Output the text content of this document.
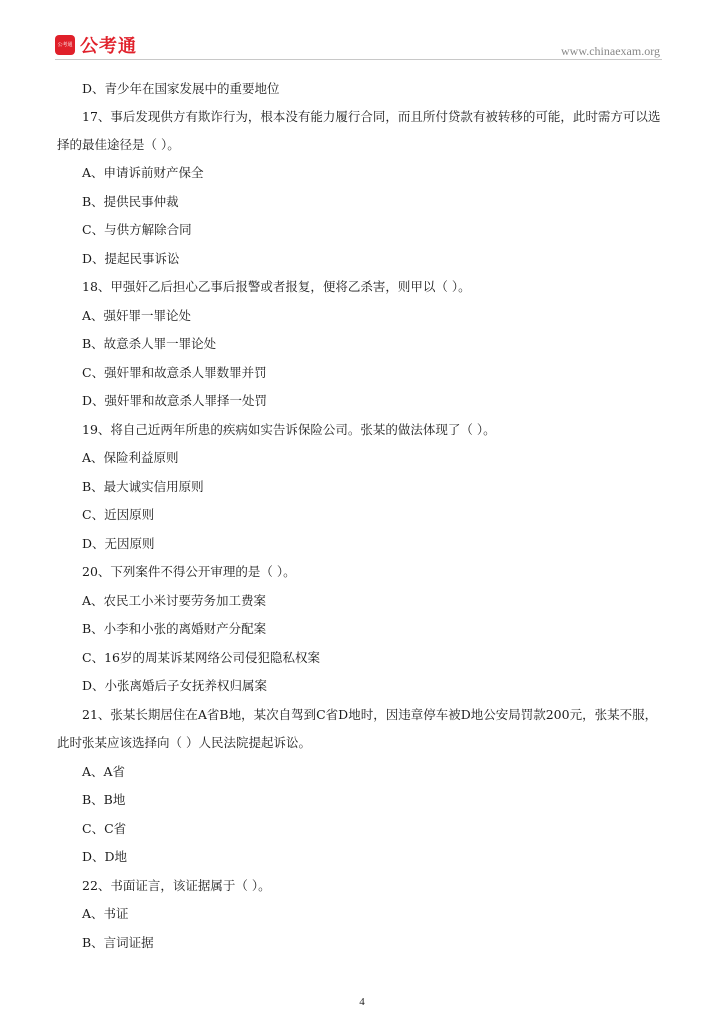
公考通 公考通	www.chinaexam.org
D、青少年在国家发展中的重要地位
17、事后发现供方有欺诈行为，根本没有能力履行合同，而且所付贷款有被转移的可能，此时需方可以选
择的最佳途径是（ ）。
A、申请诉前财产保全
B、提供民事仲裁
C、与供方解除合同
D、提起民事诉讼
18、甲强奸乙后担心乙事后报警或者报复，便将乙杀害，则甲以（ ）。
A、强奸罪一罪论处
B、故意杀人罪一罪论处
C、强奸罪和故意杀人罪数罪并罚
D、强奸罪和故意杀人罪择一处罚
19、将自己近两年所患的疾病如实告诉保险公司。张某的做法体现了（ ）。
A、保险利益原则
B、最大诚实信用原则
C、近因原则
D、无因原则
20、下列案件不得公开审理的是（ ）。
A、农民工小米讨要劳务加工费案
B、小李和小张的离婚财产分配案
C、16岁的周某诉某网络公司侵犯隐私权案
D、小张离婚后子女抚养权归属案
21、张某长期居住在A省B地，某次自驾到C省D地时，因违章停车被D地公安局罚款200元，张某不服，
此时张某应该选择向（ ）人民法院提起诉讼。
A、A省
B、B地
C、C省
D、D地
22、书面证言，该证据属于（ ）。
A、书证
B、言词证据
4
